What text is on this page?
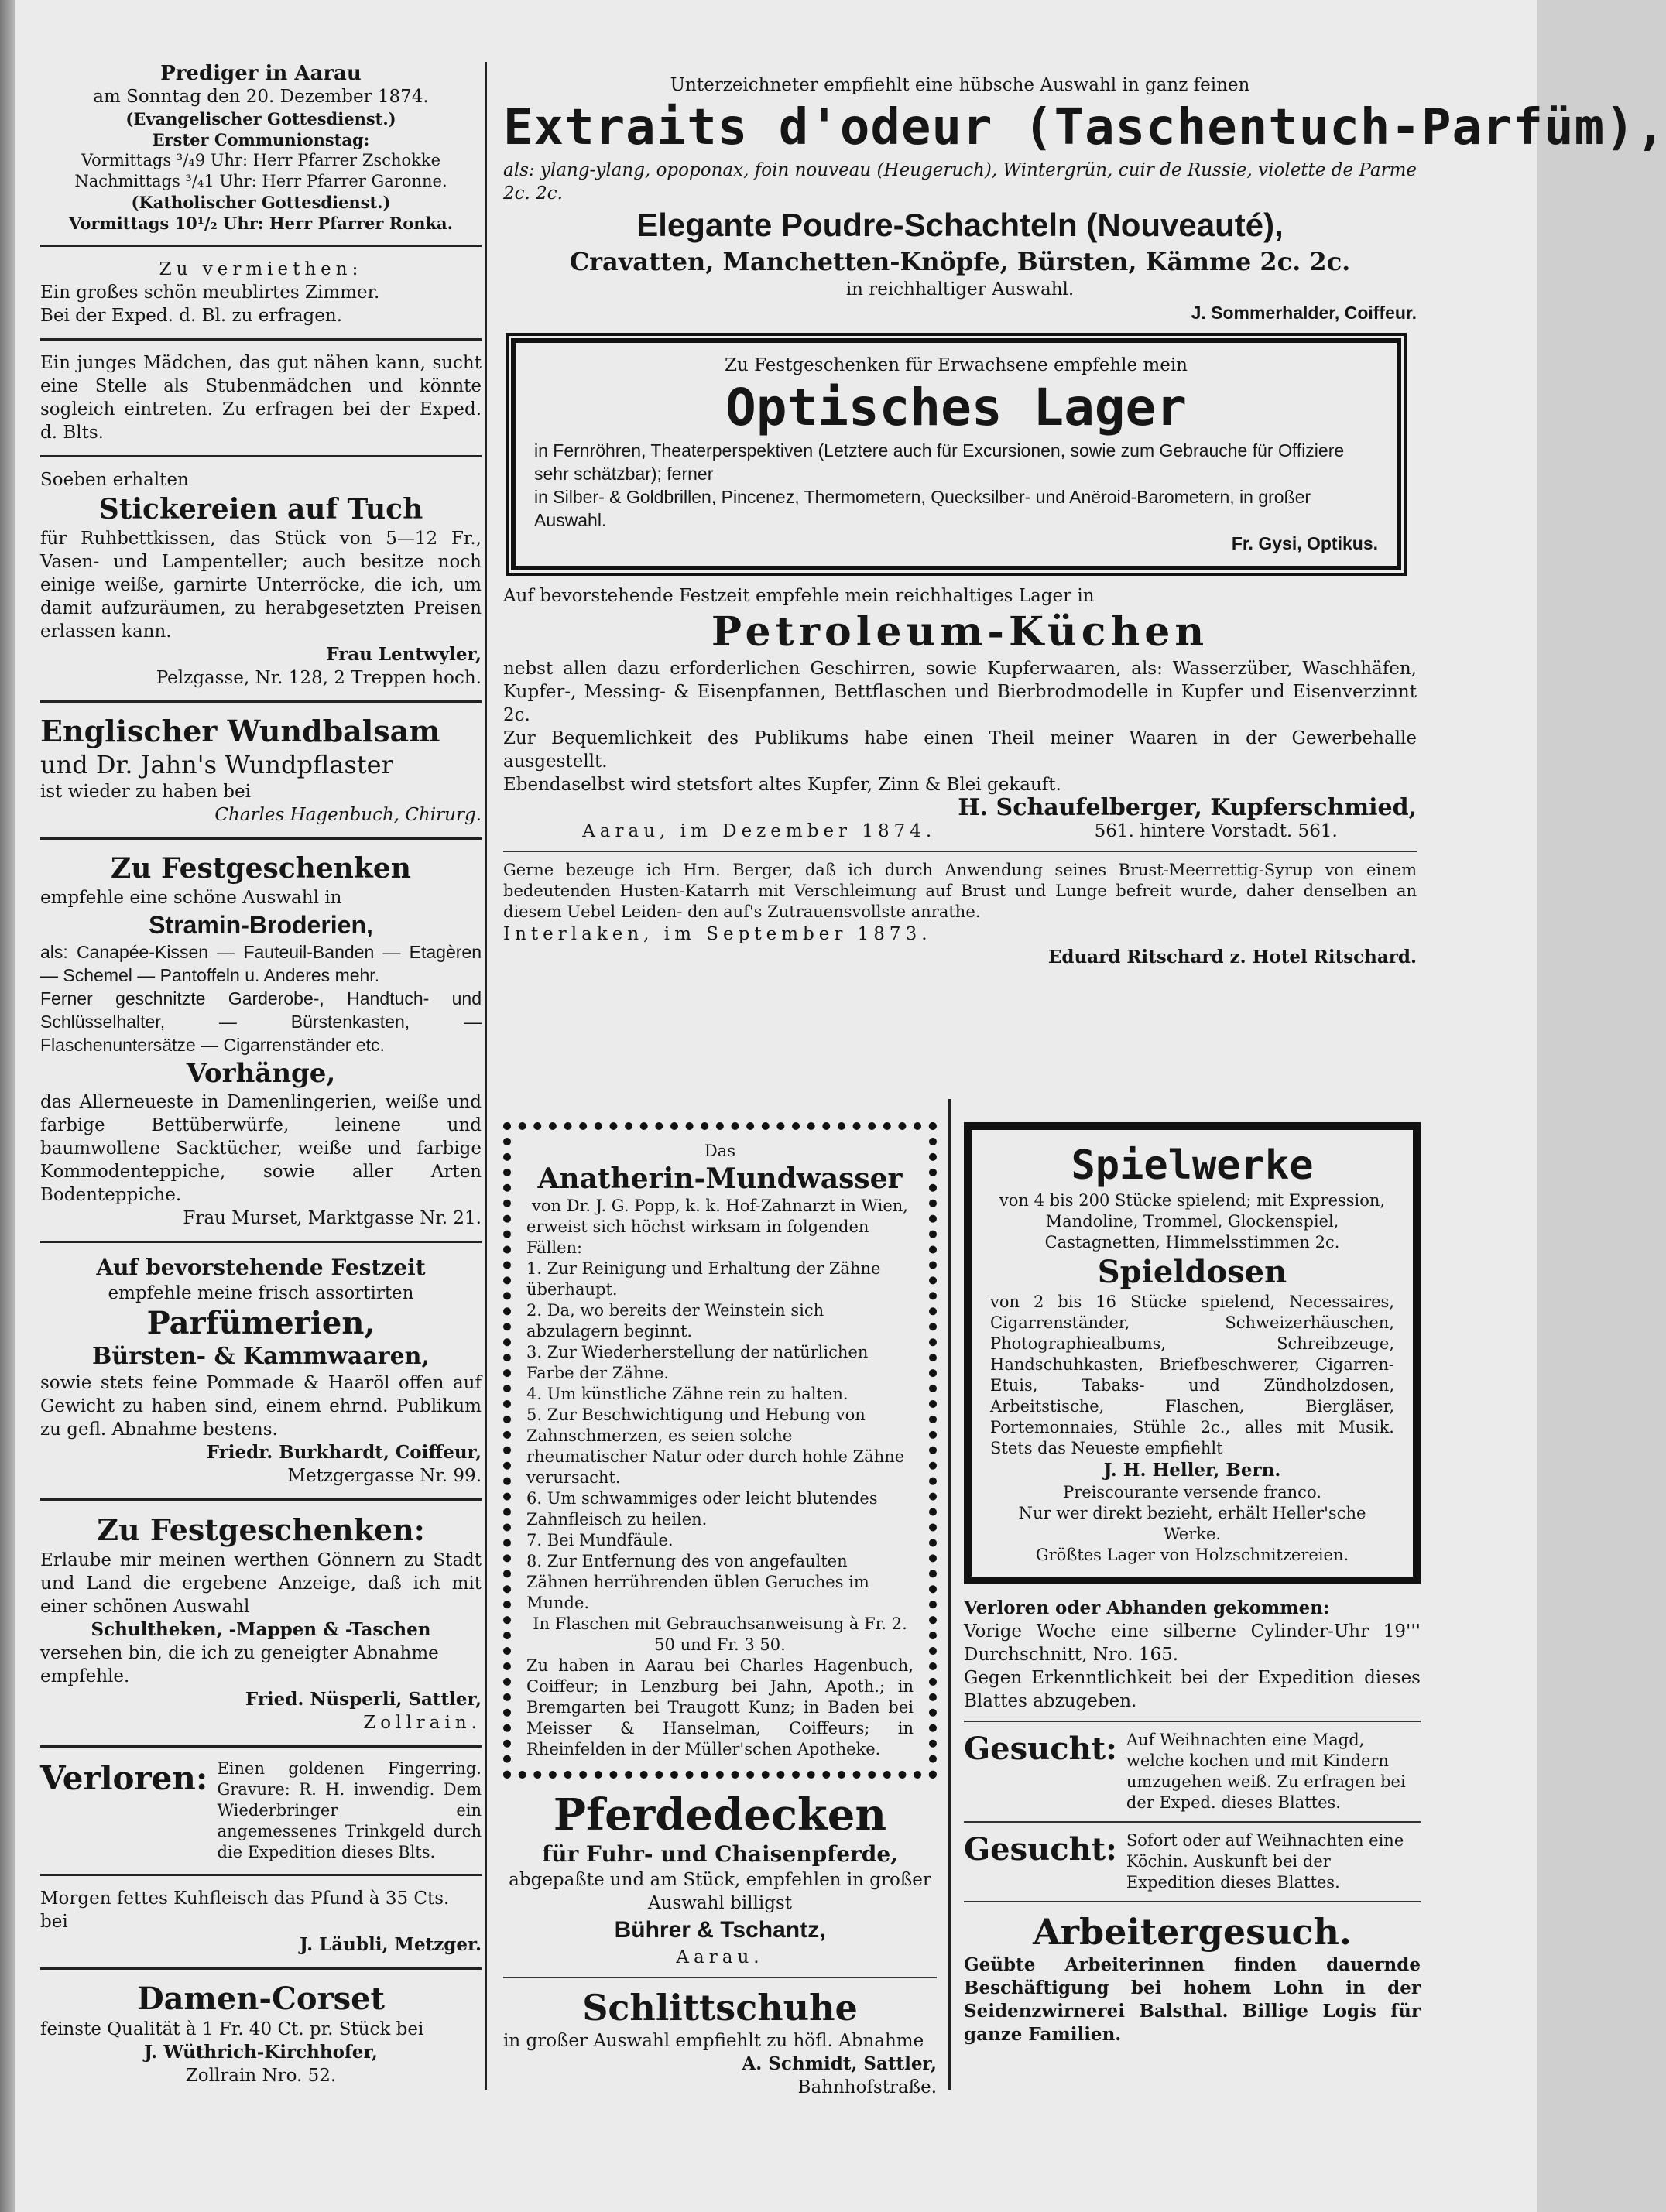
Prediger in Aarau

am Sonntag den 20. Dezember 1874.

(Evangelischer Gottesdienst.)

Erster Communionstag:

Vormittags ³/₄9 Uhr: Herr Pfarrer Zschokke

Nachmittags ³/₄1 Uhr: Herr Pfarrer Garonne.

(Katholischer Gottesdienst.)

Vormittags 10¹/₂ Uhr: Herr Pfarrer Ronka.

Zu vermiethen:

Ein großes schön meublirtes Zimmer.

Bei der Exped. d. Bl. zu erfragen.

Ein junges Mädchen, das gut nähen kann, sucht eine Stelle als Stubenmädchen und könnte sogleich eintreten. Zu erfragen bei der Exped. d. Blts.

Soeben erhalten

Stickereien auf Tuch

für Ruhbettkissen, das Stück von 5—12 Fr., Vasen- und Lampenteller; auch besitze noch einige weiße, garnirte Unterröcke, die ich, um damit aufzuräumen, zu herabgesetzten Preisen erlassen kann.

Frau Lentwyler,

Pelzgasse, Nr. 128, 2 Treppen hoch.

Englischer Wundbalsam

und Dr. Jahn's Wundpflaster

ist wieder zu haben bei

Charles Hagenbuch, Chirurg.

Zu Festgeschenken

empfehle eine schöne Auswahl in

Stramin-Broderien,

als: Canapée-Kissen — Fauteuil-Banden — Etagèren — Schemel — Pantoffeln u. Anderes mehr.

Ferner geschnitzte Garderobe-, Handtuch- und Schlüsselhalter, — Bürstenkasten, — Flaschenuntersätze — Cigarrenständer etc.

Vorhänge,

das Allerneueste in Damenlingerien, weiße und farbige Bettüberwürfe, leinene und baumwollene Sacktücher, weiße und farbige Kommodenteppiche, sowie aller Arten Bodenteppiche.

Frau Murset, Marktgasse Nr. 21.

Auf bevorstehende Festzeit

empfehle meine frisch assortirten

Parfümerien,

Bürsten- & Kammwaaren,

sowie stets feine Pommade & Haaröl offen auf Gewicht zu haben sind, einem ehrnd. Publikum zu gefl. Abnahme bestens.

Friedr. Burkhardt, Coiffeur,

Metzgergasse Nr. 99.

Zu Festgeschenken:

Erlaube mir meinen werthen Gönnern zu Stadt und Land die ergebene Anzeige, daß ich mit einer schönen Auswahl

Schultheken, -Mappen & -Taschen

versehen bin, die ich zu geneigter Abnahme empfehle.

Fried. Nüsperli, Sattler,

Zollrain.

Verloren: Einen goldenen Fingerring. Gravure: R. H. inwendig. Dem Wiederbringer ein angemessenes Trinkgeld durch die Expedition dieses Blts.

Morgen fettes Kuhfleisch das Pfund à 35 Cts. bei

J. Läubli, Metzger.

Damen-Corset

feinste Qualität à 1 Fr. 40 Ct. pr. Stück bei

J. Wüthrich-Kirchhofer,

Zollrain Nro. 52.

Unterzeichneter empfiehlt eine hübsche Auswahl in ganz feinen

Extraits d'odeur (Taschentuch-Parfüm),

als: ylang-ylang, opoponax, foin nouveau (Heugeruch), Wintergrün, cuir de Russie, violette de Parme 2c. 2c.

Elegante Poudre-Schachteln (Nouveauté),

Cravatten, Manchetten-Knöpfe, Bürsten, Kämme 2c. 2c.

in reichhaltiger Auswahl.

J. Sommerhalder, Coiffeur.

Zu Festgeschenken für Erwachsene empfehle mein

Optisches Lager

in Fernröhren, Theaterperspektiven (Letztere auch für Excursionen, sowie zum Gebrauche für Offiziere sehr schätzbar); ferner

in Silber- & Goldbrillen, Pincenez, Thermometern, Quecksilber- und Anëroid-Barometern, in großer Auswahl.

Fr. Gysi, Optikus.

Auf bevorstehende Festzeit empfehle mein reichhaltiges Lager in

Petroleum-Küchen

nebst allen dazu erforderlichen Geschirren, sowie Kupferwaaren, als: Wasserzüber, Waschhäfen, Kupfer-, Messing- & Eisenpfannen, Bettflaschen und Bierbrodmodelle in Kupfer und Eisenverzinnt 2c.

Zur Bequemlichkeit des Publikums habe einen Theil meiner Waaren in der Gewerbehalle ausgestellt.

Ebendaselbst wird stetsfort altes Kupfer, Zinn & Blei gekauft.

H. Schaufelberger, Kupferschmied,

Aarau, im Dezember 1874.	561. hintere Vorstadt. 561.

Gerne bezeuge ich Hrn. Berger, daß ich durch Anwendung seines Brust-Meerrettig-Syrup von einem bedeutenden Husten-Katarrh mit Verschleimung auf Brust und Lunge befreit wurde, daher denselben an diesem Uebel Leiden- den auf's Zutrauensvollste anrathe.

Interlaken, im September 1873.

Eduard Ritschard z. Hotel Ritschard.

Das

Anatherin-Mundwasser

von Dr. J. G. Popp, k. k. Hof-Zahnarzt in Wien,

erweist sich höchst wirksam in folgenden Fällen:

1. Zur Reinigung und Erhaltung der Zähne überhaupt.

2. Da, wo bereits der Weinstein sich abzulagern beginnt.

3. Zur Wiederherstellung der natürlichen Farbe der Zähne.

4. Um künstliche Zähne rein zu halten.

5. Zur Beschwichtigung und Hebung von Zahnschmerzen, es seien solche rheumatischer Natur oder durch hohle Zähne verursacht.

6. Um schwammiges oder leicht blutendes Zahnfleisch zu heilen.

7. Bei Mundfäule.

8. Zur Entfernung des von angefaulten Zähnen herrührenden üblen Geruches im Munde.

In Flaschen mit Gebrauchsanweisung à Fr. 2. 50 und Fr. 3 50.

Zu haben in Aarau bei Charles Hagenbuch, Coiffeur; in Lenzburg bei Jahn, Apoth.; in Bremgarten bei Traugott Kunz; in Baden bei Meisser & Hanselman, Coiffeurs; in Rheinfelden in der Müller'schen Apotheke.

Pferdedecken

für Fuhr- und Chaisenpferde,

abgepaßte und am Stück, empfehlen in großer Auswahl billigst

Bührer & Tschantz,

Aarau.

Schlittschuhe

in großer Auswahl empfiehlt zu höfl. Abnahme

A. Schmidt, Sattler,

Bahnhofstraße.

Spielwerke

von 4 bis 200 Stücke spielend; mit Expression, Mandoline, Trommel, Glockenspiel, Castagnetten, Himmelsstimmen 2c.

Spieldosen

von 2 bis 16 Stücke spielend, Necessaires, Cigarrenständer, Schweizerhäuschen, Photographiealbums, Schreibzeuge, Handschuhkasten, Briefbeschwerer, Cigarren-Etuis, Tabaks- und Zündholzdosen, Arbeitstische, Flaschen, Biergläser, Portemonnaies, Stühle 2c., alles mit Musik. Stets das Neueste empfiehlt

J. H. Heller, Bern.

Preiscourante versende franco.

Nur wer direkt bezieht, erhält Heller'sche Werke.

Größtes Lager von Holzschnitzereien.

Verloren oder Abhanden gekommen:

Vorige Woche eine silberne Cylinder-Uhr 19''' Durchschnitt, Nro. 165.

Gegen Erkenntlichkeit bei der Expedition dieses Blattes abzugeben.

Gesucht: Auf Weihnachten eine Magd, welche kochen und mit Kindern umzugehen weiß. Zu erfragen bei der Exped. dieses Blattes.

Gesucht: Sofort oder auf Weihnachten eine Köchin. Auskunft bei der Expedition dieses Blattes.

Arbeitergesuch.

Geübte Arbeiterinnen finden dauernde Beschäftigung bei hohem Lohn in der Seidenzwirnerei Balsthal. Billige Logis für ganze Familien.
